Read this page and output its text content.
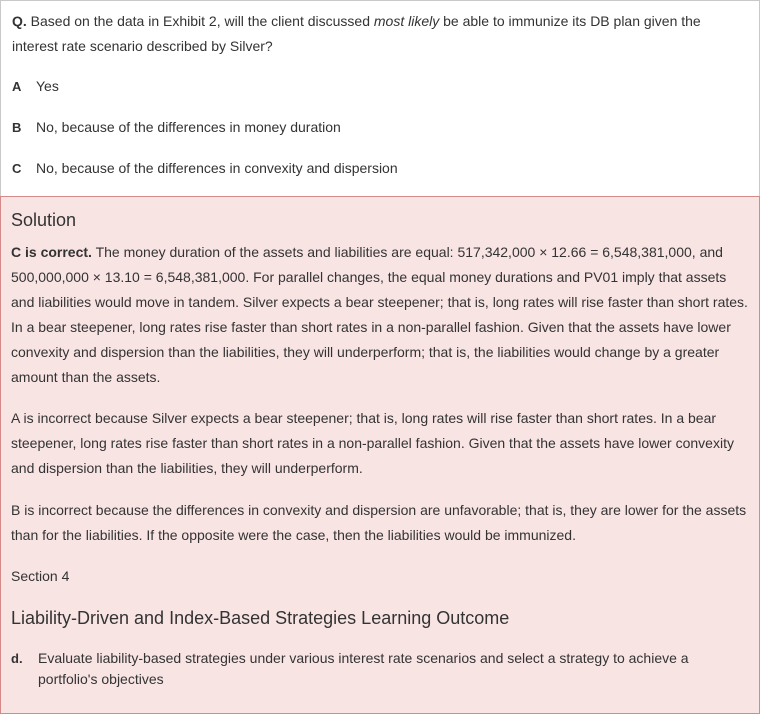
Q. Based on the data in Exhibit 2, will the client discussed most likely be able to immunize its DB plan given the interest rate scenario described by Silver?
A Yes
B No, because of the differences in money duration
C No, because of the differences in convexity and dispersion
Solution
C is correct. The money duration of the assets and liabilities are equal: 517,342,000 × 12.66 = 6,548,381,000, and 500,000,000 × 13.10 = 6,548,381,000. For parallel changes, the equal money durations and PV01 imply that assets and liabilities would move in tandem. Silver expects a bear steepener; that is, long rates will rise faster than short rates. In a bear steepener, long rates rise faster than short rates in a non-parallel fashion. Given that the assets have lower convexity and dispersion than the liabilities, they will underperform; that is, the liabilities would change by a greater amount than the assets.
A is incorrect because Silver expects a bear steepener; that is, long rates will rise faster than short rates. In a bear steepener, long rates rise faster than short rates in a non-parallel fashion. Given that the assets have lower convexity and dispersion than the liabilities, they will underperform.
B is incorrect because the differences in convexity and dispersion are unfavorable; that is, they are lower for the assets than for the liabilities. If the opposite were the case, then the liabilities would be immunized.
Section 4
Liability-Driven and Index-Based Strategies Learning Outcome
d. Evaluate liability-based strategies under various interest rate scenarios and select a strategy to achieve a portfolio's objectives
